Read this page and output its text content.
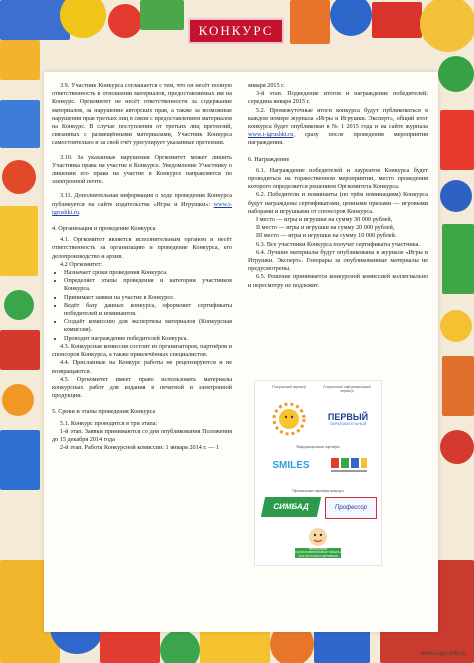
КОНКУРС

3.9. Участник Конкурса соглашается с тем, что он несёт полную ответственность в отношении материалов, предоставляемых им на Конкурс. Оргкомитет не несёт ответственности за содержание материалов, за нарушение авторских прав, а также за возможные нарушения прав третьих лиц в связи с предоставлением материалов на Конкурс. В случае поступления от третьих лиц претензий, связанных с размещёнными материалами, Участник Конкурса самостоятельно и за свой счёт урегулирует указанные претензии.

3.10. За указанные нарушения Оргкомитет может лишить Участника права на участие в Конкурсе. Уведомление Участнику о лишении его права на участие в Конкурсе направляется по электронной почте.

3.11. Дополнительная информация о ходе проведения Конкурса публикуется на сайте издательства «Игры и Игрушки»: www.i-igrushki.ru.

4. Организация и проведение Конкурса

4.1. Оргкомитет является исполнительным органом и несёт ответственность за организацию и проведение Конкурса, его делопроизводство и архив.

4.2 Оргкомитет:

• Назначает сроки проведения Конкурса.
• Определяет этапы проведения и категории участников Конкурса.
• Принимает заявки на участие в Конкурсе.
• Ведёт базу данных конкурса, оформляет сертификаты победителей и номинантов.
• Создаёт комиссию для экспертизы материалов (Конкурсная комиссия).
• Проводит награждение победителей Конкурса.

4.3. Конкурсная комиссия состоит из организаторов, партнёров и спонсоров Конкурса, а также привлечённых специалистов.

4.4. Присланные на Конкурс работы не рецензируются и не возвращаются.

4.5. Оргкомитет имеет право использовать материалы конкурсных работ для издания в печатной и электронной продукции.

5. Сроки и этапы проведения Конкурса

5.1. Конкурс проводится в три этапа:

1-й этап. Заявки принимаются со дня опубликования Положения до 15 декабря 2014 года

2-й этап. Работа Конкурсной комиссии: 1 января 2014 г. — 1

января 2015 г.

3-й этап. Подведение итогов и награждение победителей: середина января 2015 г.

5.2. Промежуточные итоги конкурса будут публиковаться в каждом номере журнала «Игры и Игрушки. Эксперт», общий итог конкурса будет опубликован в № 1 2015 года и на сайте журнала www.i-igrushki.ru, сразу после проведения мероприятия награждения.

6. Награждение

6.1. Награждение победителей и лауреатов Конкурса будет проводиться на торжественном мероприятии, место проведения которого определяется решением Оргкомитета Конкурса.

6.2. Победители и номинанты (по трём номинациям) Конкурса будут награждены сертификатами, ценными призами — игровыми наборами и игрушками от спонсоров Конкурса.

I место — игры и игрушки на сумму 30 000 рублей,

II место — игры и игрушки на сумму 20 000 рублей,

III место — игры и игрушки на сумму 10 000 рублей.

6.3. Все участники Конкурса получат сертификаты участника.

6.4. Лучшие материалы будут опубликованы в журнале «Игры и Игрушки. Эксперт». Гонорары за опубликованные материалы не предусмотрены.

6.5. Решение принимается конкурсной комиссией коллегиально и пересмотру не подлежит.

Генеральный партнёр	Генеральный информационный партнёр
ПЕРВЫЙ
ОБРАЗОВАТЕЛЬНЫЙ
Информационные партнёры
SMILES
Официальные партнёры конкурса
СИМБАД	Профессор
ЧЕРЕПАШКИ ПОДГОТОВИТЕЛЬНЫЕ ТОВАРЫ ДЛЯ ДЕТСКОГО ОБУЧЕНИЯ
www.i-igrushki.ru
